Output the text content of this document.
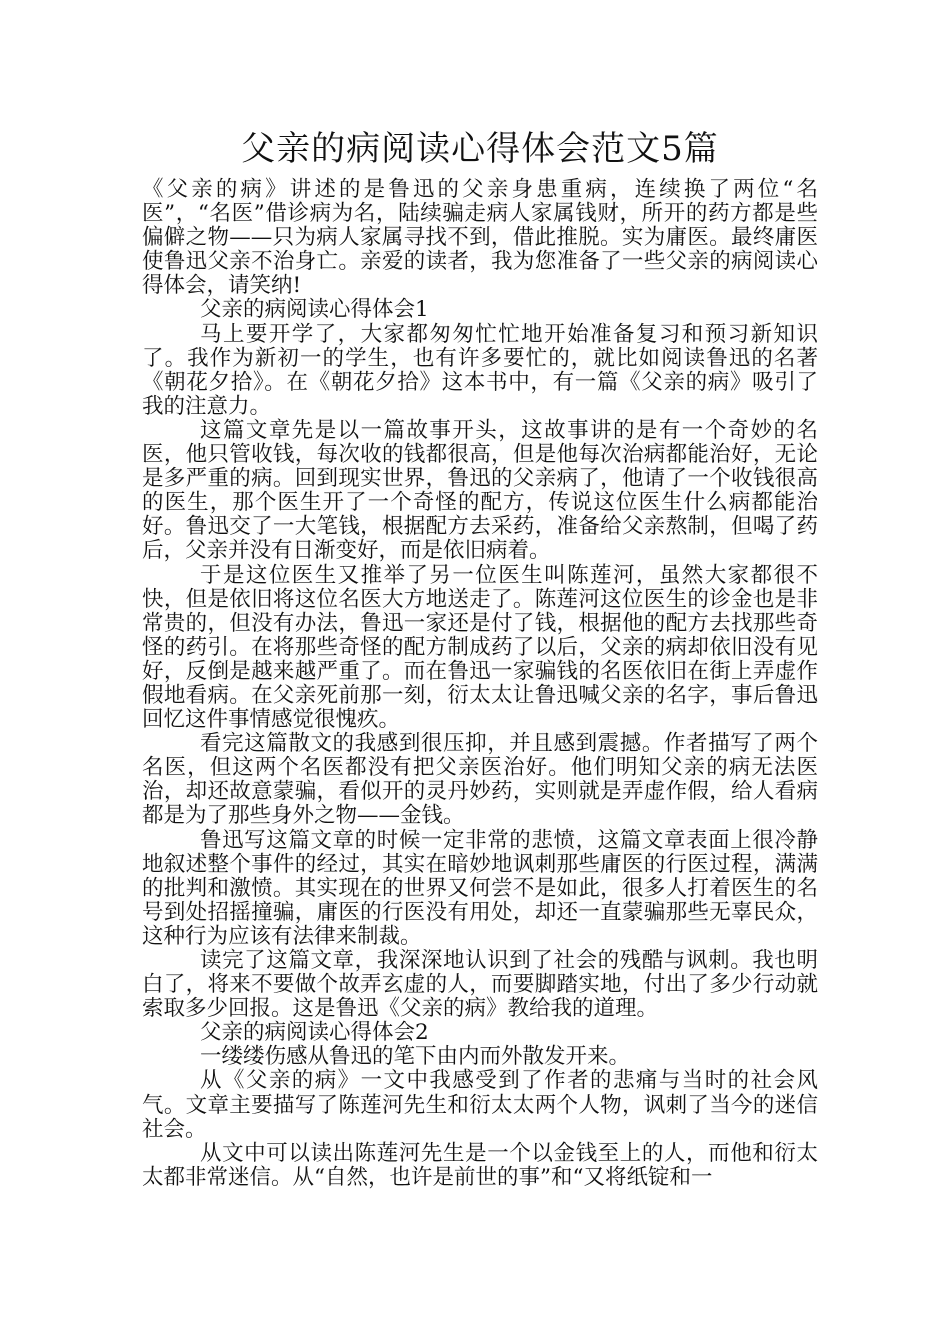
父亲的病阅读心得体会范文5篇

《父亲的病》讲述的是鲁迅的父亲身患重病，连续换了两位“名医”，“名医”借诊病为名，陆续骗走病人家属钱财，所开的药方都是些偏僻之物——只为病人家属寻找不到，借此推脱。实为庸医。最终庸医使鲁迅父亲不治身亡。亲爱的读者，我为您准备了一些父亲的病阅读心得体会，请笑纳!

父亲的病阅读心得体会1

马上要开学了，大家都匆匆忙忙地开始准备复习和预习新知识了。我作为新初一的学生，也有许多要忙的，就比如阅读鲁迅的名著《朝花夕拾》。在《朝花夕拾》这本书中，有一篇《父亲的病》吸引了我的注意力。

这篇文章先是以一篇故事开头，这故事讲的是有一个奇妙的名医，他只管收钱，每次收的钱都很高，但是他每次治病都能治好，无论是多严重的病。回到现实世界，鲁迅的父亲病了，他请了一个收钱很高的医生，那个医生开了一个奇怪的配方，传说这位医生什么病都能治好。鲁迅交了一大笔钱，根据配方去采药，准备给父亲熬制，但喝了药后，父亲并没有日渐变好，而是依旧病着。

于是这位医生又推举了另一位医生叫陈莲河，虽然大家都很不快，但是依旧将这位名医大方地送走了。陈莲河这位医生的诊金也是非常贵的，但没有办法，鲁迅一家还是付了钱，根据他的配方去找那些奇怪的药引。在将那些奇怪的配方制成药了以后，父亲的病却依旧没有见好，反倒是越来越严重了。而在鲁迅一家骗钱的名医依旧在街上弄虚作假地看病。在父亲死前那一刻，衍太太让鲁迅喊父亲的名字，事后鲁迅回忆这件事情感觉很愧疚。

看完这篇散文的我感到很压抑，并且感到震撼。作者描写了两个名医，但这两个名医都没有把父亲医治好。他们明知父亲的病无法医治，却还故意蒙骗，看似开的灵丹妙药，实则就是弄虚作假，给人看病都是为了那些身外之物——金钱。

鲁迅写这篇文章的时候一定非常的悲愤，这篇文章表面上很冷静地叙述整个事件的经过，其实在暗妙地讽刺那些庸医的行医过程，满满的批判和激愤。其实现在的世界又何尝不是如此，很多人打着医生的名号到处招摇撞骗，庸医的行医没有用处，却还一直蒙骗那些无辜民众，这种行为应该有法律来制裁。

读完了这篇文章，我深深地认识到了社会的残酷与讽刺。我也明白了，将来不要做个故弄玄虚的人，而要脚踏实地，付出了多少行动就索取多少回报。这是鲁迅《父亲的病》教给我的道理。

父亲的病阅读心得体会2

一缕缕伤感从鲁迅的笔下由内而外散发开来。

从《父亲的病》一文中我感受到了作者的悲痛与当时的社会风气。文章主要描写了陈莲河先生和衍太太两个人物，讽刺了当今的迷信社会。

从文中可以读出陈莲河先生是一个以金钱至上的人，而他和衍太太都非常迷信。从“自然，也许是前世的事”和“又将纸锭和一
